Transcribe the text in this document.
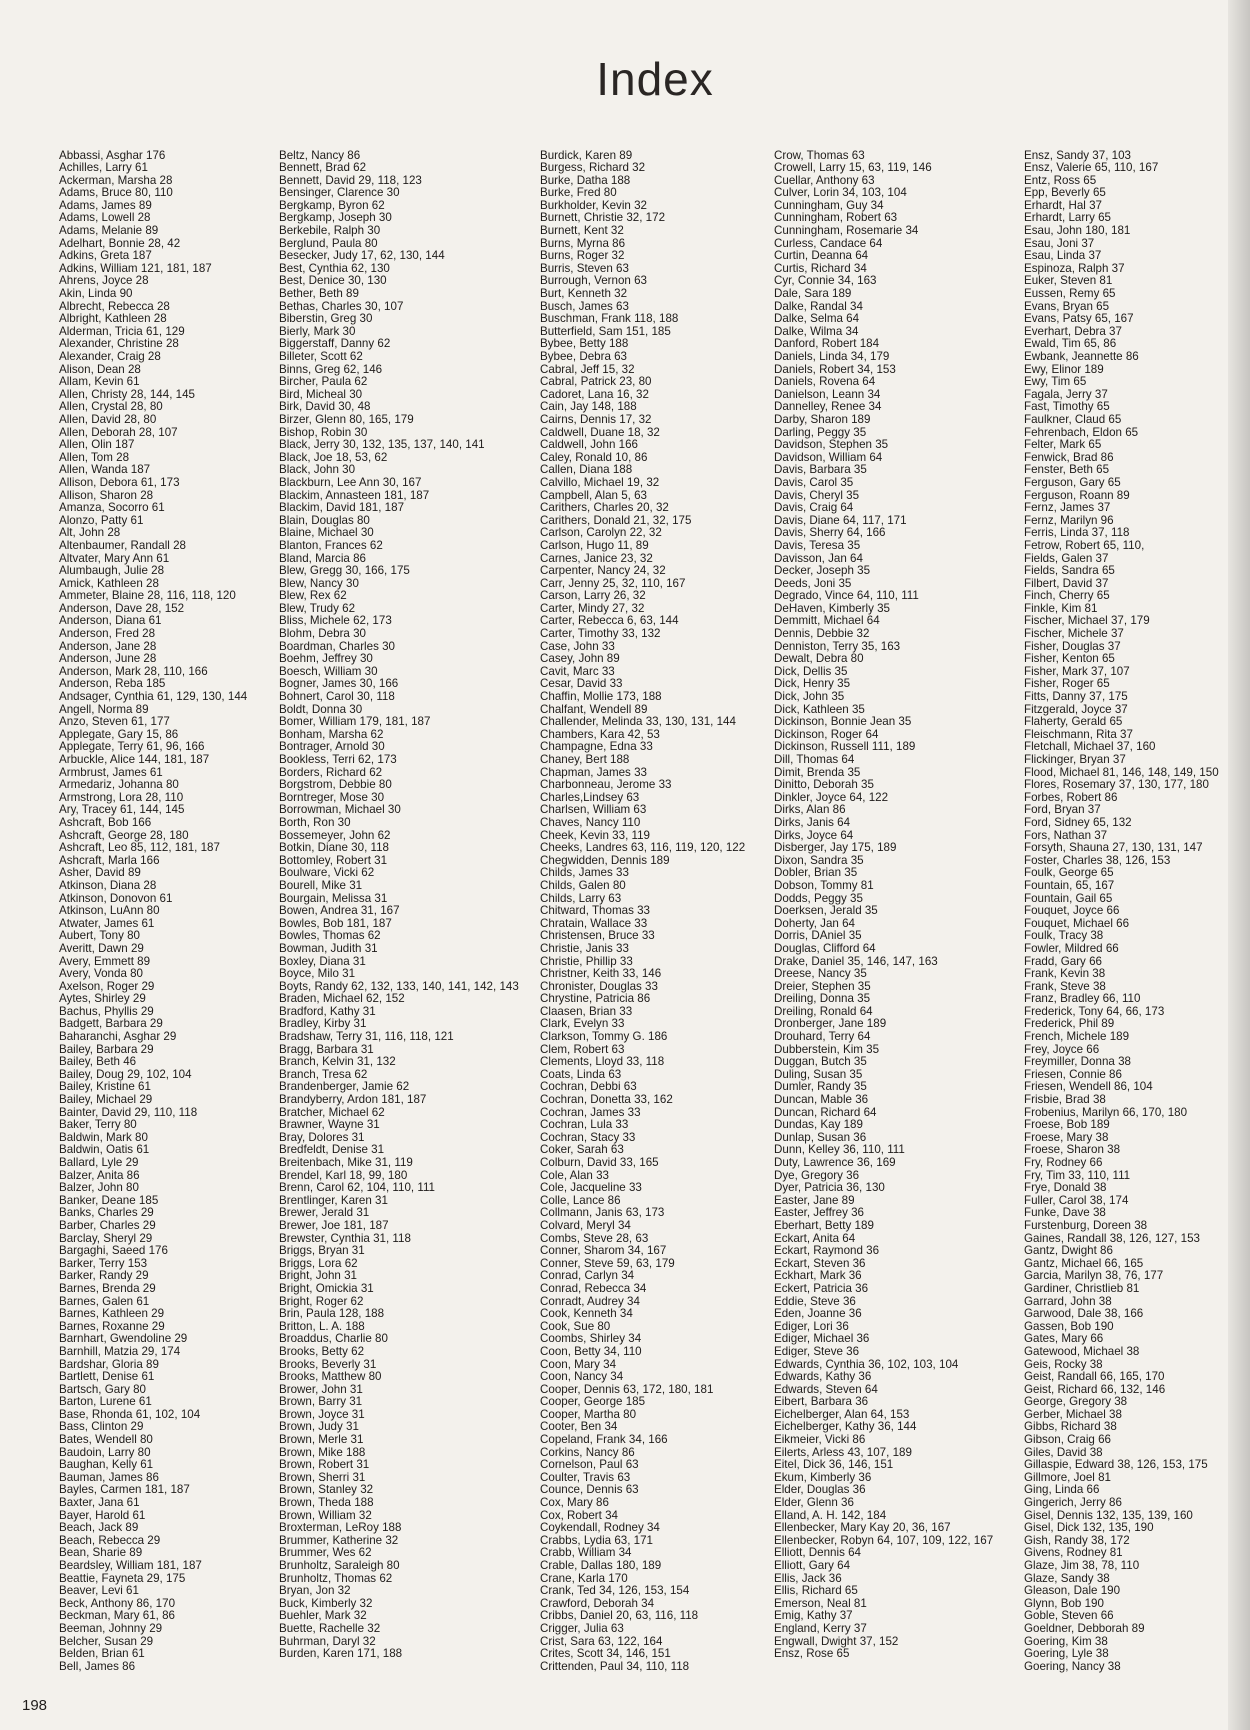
Index
Abbassi, Asghar 176
Achilles, Larry 61
Ackerman, Marsha 28
Adams, Bruce 80, 110
Adams, James 89
Adams, Lowell 28
Adams, Melanie 89
Adelhart, Bonnie 28, 42
Adkins, Greta 187
Adkins, William 121, 181, 187
Ahrens, Joyce 28
Akin, Linda 90
Albrecht, Rebecca 28
Albright, Kathleen 28
Alderman, Tricia 61, 129
Alexander, Christine 28
Alexander, Craig 28
Alison, Dean 28
Allam, Kevin 61
Allen, Christy 28, 144, 145
Allen, Crystal 28, 80
Allen, David 28, 80
Allen, Deborah 28, 107
Allen, Olin 187
Allen, Tom 28
Allen, Wanda 187
Allison, Debora 61, 173
Allison, Sharon 28
Amanza, Socorro 61
Alonzo, Patty 61
Alt, John 28
Altenbaumer, Randall 28
Altvater, Mary Ann 61
Alumbaugh, Julie 28
Amick, Kathleen 28
Ammeter, Blaine 28, 116, 118, 120
Anderson, Dave 28, 152
Anderson, Diana 61
Anderson, Fred 28
Anderson, Jane 28
Anderson, June 28
Anderson, Mark 28, 110, 166
Anderson, Reba 185
Andsager, Cynthia 61, 129, 130, 144
Angell, Norma 89
Anzo, Steven 61, 177
Applegate, Gary 15, 86
Applegate, Terry 61, 96, 166
Arbuckle, Alice 144, 181, 187
Armbrust, James 61
Armedariz, Johanna 80
Armstrong, Lora 28, 110
Ary, Tracey 61, 144, 145
Ashcraft, Bob 166
Ashcraft, George 28, 180
Ashcraft, Leo 85, 112, 181, 187
Ashcraft, Marla 166
Asher, David 89
Atkinson, Diana 28
Atkinson, Donovon 61
Atkinson, LuAnn 80
Atwater, James 61
Aubert, Tony 80
Averitt, Dawn 29
Avery, Emmett 89
Avery, Vonda 80
Axelson, Roger 29
Aytes, Shirley 29
Bachus, Phyllis 29
Badgett, Barbara 29
Baharanchi, Asghar 29
Bailey, Barbara 29
Bailey, Beth 46
Bailey, Doug 29, 102, 104
Bailey, Kristine 61
Bailey, Michael 29
Bainter, David 29, 110, 118
Baker, Terry 80
Baldwin, Mark 80
Baldwin, Oatis 61
Ballard, Lyle 29
Balzer, Anita 86
Balzer, John 80
Banker, Deane 185
Banks, Charles 29
Barber, Charles 29
Barclay, Sheryl 29
Bargaghi, Saeed 176
Barker, Terry 153
Barker, Randy 29
Barnes, Brenda 29
Barnes, Galen 61
Barnes, Kathleen 29
Barnes, Roxanne 29
Barnhart, Gwendoline 29
Barnhill, Matzia 29, 174
Bardshar, Gloria 89
Bartlett, Denise 61
Bartsch, Gary 80
Barton, Lurene 61
Base, Rhonda 61, 102, 104
Bass, Clinton 29
Bates, Wendell 80
Baudoin, Larry 80
Baughan, Kelly 61
Bauman, James 86
Bayles, Carmen 181, 187
Baxter, Jana 61
Bayer, Harold 61
Beach, Jack 89
Beach, Rebecca 29
Bean, Sharie 89
Beardsley, William 181, 187
Beattie, Fayneta 29, 175
Beaver, Levi 61
Beck, Anthony 86, 170
Beckman, Mary 61, 86
Beeman, Johnny 29
Belcher, Susan 29
Belden, Brian 61
Bell, James 86
Beltz, Nancy 86
Bennett, Brad 62
Bennett, David 29, 118, 123
Bensinger, Clarence 30
Bergkamp, Byron 62
Bergkamp, Joseph 30
Berkebile, Ralph 30
Berglund, Paula 80
Besecker, Judy 17, 62, 130, 144
Best, Cynthia 62, 130
Best, Denice 30, 130
Bether, Beth 89
Bethas, Charles 30, 107
Biberstin, Greg 30
Bierly, Mark 30
Biggerstaff, Danny 62
Billeter, Scott 62
Binns, Greg 62, 146
Bircher, Paula 62
Bird, Micheal 30
Birk, David 30, 48
Birzer, Glenn 80, 165, 179
Bishop, Robin 30
Black, Jerry 30, 132, 135, 137, 140, 141
Black, Joe 18, 53, 62
Black, John 30
Blackburn, Lee Ann 30, 167
Blackim, Annasteen 181, 187
Blackim, David 181, 187
Blain, Douglas 80
Blaine, Michael 30
Blanton, Frances 62
Bland, Marcia 86
Blew, Gregg 30, 166, 175
Blew, Nancy 30
Blew, Rex 62
Blew, Trudy 62
Bliss, Michele 62, 173
Blohm, Debra 30
Boardman, Charles 30
Boehm, Jeffrey 30
Boesch, William 30
Bogner, James 30, 166
Bohnert, Carol 30, 118
Boldt, Donna 30
Bomer, William 179, 181, 187
Bonham, Marsha 62
Bontrager, Arnold 30
Bookless, Terri 62, 173
Borders, Richard 62
Borgstrom, Debbie 80
Borntreger, Mose 30
Borrowman, Michael 30
Borth, Ron 30
Bossemeyer, John 62
Botkin, Diane 30, 118
Bottomley, Robert 31
Boulware, Vicki 62
Bourell, Mike 31
Bourgain, Melissa 31
Bowen, Andrea 31, 167
Bowles, Bob 181, 187
Bowles, Thomas 62
Bowman, Judith 31
Boxley, Diana 31
Boyce, Milo 31
Boyts, Randy 62, 132, 133, 140, 141, 142, 143
Braden, Michael 62, 152
Bradford, Kathy 31
Bradley, Kirby 31
Bradshaw, Terry 31, 116, 118, 121
Bragg, Barbara 31
Branch, Kelvin 31, 132
Branch, Tresa 62
Brandenberger, Jamie 62
Brandyberry, Ardon 181, 187
Bratcher, Michael 62
Brawner, Wayne 31
Bray, Dolores 31
Bredfeldt, Denise 31
Breitenbach, Mike 31, 119
Brendel, Karl 18, 99, 180
Brenn, Carol 62, 104, 110, 111
Brentlinger, Karen 31
Brewer, Jerald 31
Brewer, Joe 181, 187
Brewster, Cynthia 31, 118
Briggs, Bryan 31
Briggs, Lora 62
Bright, John 31
Bright, Omickia 31
Bright, Roger 62
Brin, Paula 128, 188
Britton, L. A. 188
Broaddus, Charlie 80
Brooks, Betty 62
Brooks, Beverly 31
Brooks, Matthew 80
Brower, John 31
Brown, Barry 31
Brown, Joyce 31
Brown, Judy 31
Brown, Merle 31
Brown, Mike 188
Brown, Robert 31
Brown, Sherri 31
Brown, Stanley 32
Brown, Theda 188
Brown, William 32
Broxterman, LeRoy 188
Brummer, Katherine 32
Brummer, Wes 62
Brunholtz, Saraleigh 80
Brunholtz, Thomas 62
Bryan, Jon 32
Buck, Kimberly 32
Buehler, Mark 32
Buette, Rachelle 32
Buhrman, Daryl 32
Burden, Karen 171, 188
Burdick, Karen 89
Burgess, Richard 32
Burke, Datha 188
Burke, Fred 80
Burkholder, Kevin 32
Burnett, Christie 32, 172
Burnett, Kent 32
Burns, Myrna 86
Burns, Roger 32
Burris, Steven 63
Burrough, Vernon 63
Burt, Kenneth 32
Busch, James 63
Buschman, Frank 118, 188
Butterfield, Sam 151, 185
Bybee, Betty 188
Bybee, Debra 63
Cabral, Jeff 15, 32
Cabral, Patrick 23, 80
Cadoret, Lana 16, 32
Cain, Jay 148, 188
Cairns, Dennis 17, 32
Caldwell, Duane 18, 32
Caldwell, John 166
Caley, Ronald 10, 86
Callen, Diana 188
Calvillo, Michael 19, 32
Campbell, Alan 5, 63
Carithers, Charles 20, 32
Carithers, Donald 21, 32, 175
Carlson, Carolyn 22, 32
Carlson, Hugo 11, 89
Carnes, Janice 23, 32
Carpenter, Nancy 24, 32
Carr, Jenny 25, 32, 110, 167
Carson, Larry 26, 32
Carter, Mindy 27, 32
Carter, Rebecca 6, 63, 144
Carter, Timothy 33, 132
Case, John 33
Casey, John 89
Cavit, Marc 33
Cesar, David 33
Chaffin, Mollie 173, 188
Chalfant, Wendell 89
Challender, Melinda 33, 130, 131, 144
Chambers, Kara 42, 53
Champagne, Edna 33
Chaney, Bert 188
Chapman, James 33
Charbonneau, Jerome 33
Charles,Lindsey 63
Charlsen, William 63
Chaves, Nancy 110
Cheek, Kevin 33, 119
Cheeks, Landres 63, 116, 119, 120, 122
Chegwidden, Dennis 189
Childs, James 33
Childs, Galen 80
Childs, Larry 63
Chitward, Thomas 33
Chratain, Wallace 33
Christensen, Bruce 33
Christie, Janis 33
Christie, Phillip 33
Christner, Keith 33, 146
Chronister, Douglas 33
Chrystine, Patricia 86
Claasen, Brian 33
Clark, Evelyn 33
Clarkson, Tommy G. 186
Clem, Robert 63
Clements, Lloyd 33, 118
Coats, Linda 63
Cochran, Debbi 63
Cochran, Donetta 33, 162
Cochran, James 33
Cochran, Lula 33
Cochran, Stacy 33
Coker, Sarah 63
Colburn, David 33, 165
Cole, Alan 33
Cole, Jacqueline 33
Colle, Lance 86
Collmann, Janis 63, 173
Colvard, Meryl 34
Combs, Steve 28, 63
Conner, Sharom 34, 167
Conner, Steve 59, 63, 179
Conrad, Carlyn 34
Conrad, Rebecca 34
Conradt, Audrey 34
Cook, Kenneth 34
Cook, Sue 80
Coombs, Shirley 34
Coon, Betty 34, 110
Coon, Mary 34
Coon, Nancy 34
Cooper, Dennis 63, 172, 180, 181
Cooper, George 185
Cooper, Martha 80
Cooter, Ben 34
Copeland, Frank 34, 166
Corkins, Nancy 86
Cornelson, Paul 63
Coulter, Travis 63
Counce, Dennis 63
Cox, Mary 86
Cox, Robert 34
Coykendall, Rodney 34
Crabbs, Lydia 63, 171
Crabb, William 34
Crable, Dallas 180, 189
Crane, Karla 170
Crank, Ted 34, 126, 153, 154
Crawford, Deborah 34
Cribbs, Daniel 20, 63, 116, 118
Crigger, Julia 63
Crist, Sara 63, 122, 164
Crites, Scott 34, 146, 151
Crittenden, Paul 34, 110, 118
Crow, Thomas 63
Crowell, Larry 15, 63, 119, 146
Cuellar, Anthony 63
Culver, Lorin 34, 103, 104
Cunningham, Guy 34
Cunningham, Robert 63
Cunningham, Rosemarie 34
Curless, Candace 64
Curtin, Deanna 64
Curtis, Richard 34
Cyr, Connie 34, 163
Dale, Sara 189
Dalke, Randal 34
Dalke, Selma 64
Dalke, Wilma 34
Danford, Robert 184
Daniels, Linda 34, 179
Daniels, Robert 34, 153
Daniels, Rovena 64
Danielson, Leann 34
Dannelley, Renee 34
Darby, Sharon 189
Darling, Peggy 35
Davidson, Stephen 35
Davidson, William 64
Davis, Barbara 35
Davis, Carol 35
Davis, Cheryl 35
Davis, Craig 64
Davis, Diane 64, 117, 171
Davis, Sherry 64, 166
Davis, Teresa 35
Davisson, Jan 64
Decker, Joseph 35
Deeds, Joni 35
Degrado, Vince 64, 110, 111
DeHaven, Kimberly 35
Demmitt, Michael 64
Dennis, Debbie 32
Denniston, Terry 35, 163
Dewalt, Debra 80
Dick, Dellis 35
Dick, Henry 35
Dick, John 35
Dick, Kathleen 35
Dickinson, Bonnie Jean 35
Dickinson, Roger 64
Dickinson, Russell 111, 189
Dill, Thomas 64
Dimit, Brenda 35
Dinitto, Deborah 35
Dinkler, Joyce 64, 122
Dirks, Alan 86
Dirks, Janis 64
Dirks, Joyce 64
Disberger, Jay 175, 189
Dixon, Sandra 35
Dobler, Brian 35
Dobson, Tommy 81
Dodds, Peggy 35
Doerksen, Jerald 35
Doherty, Jan 64
Dorris, DAniel 35
Douglas, Clifford 64
Drake, Daniel 35, 146, 147, 163
Dreese, Nancy 35
Dreier, Stephen 35
Dreiling, Donna 35
Dreiling, Ronald 64
Dronberger, Jane 189
Drouhard, Terry 64
Dubberstein, Kim 35
Duggan, Butch 35
Duling, Susan 35
Dumler, Randy 35
Duncan, Mable 36
Duncan, Richard 64
Dundas, Kay 189
Dunlap, Susan 36
Dunn, Kelley 36, 110, 111
Duty, Lawrence 36, 169
Dye, Gregory 36
Dyer, Patricia 36, 130
Easter, Jane 89
Easter, Jeffrey 36
Eberhart, Betty 189
Eckart, Anita 64
Eckart, Raymond 36
Eckart, Steven 36
Eckhart, Mark 36
Eckert, Patricia 36
Eddie, Steve 36
Eden, Joanne 36
Ediger, Lori 36
Ediger, Michael 36
Ediger, Steve 36
Edwards, Cynthia 36, 102, 103, 104
Edwards, Kathy 36
Edwards, Steven 64
Eibert, Barbara 36
Eichelberger, Alan 64, 153
Eichelberger, Kathy 36, 144
Eikmeier, Vicki 86
Eilerts, Arless 43, 107, 189
Eitel, Dick 36, 146, 151
Ekum, Kimberly 36
Elder, Douglas 36
Elder, Glenn 36
Elland, A. H. 142, 184
Ellenbecker, Mary Kay 20, 36, 167
Ellenbecker, Robyn 64, 107, 109, 122, 167
Elliott, Dennis 64
Elliott, Gary 64
Ellis, Jack 36
Ellis, Richard 65
Emerson, Neal 81
Emig, Kathy 37
England, Kerry 37
Engwall, Dwight 37, 152
Ensz, Rose 65
Ensz, Sandy 37, 103
Ensz, Valerie 65, 110, 167
Entz, Ross 65
Epp, Beverly 65
Erhardt, Hal 37
Erhardt, Larry 65
Esau, John 180, 181
Esau, Joni 37
Esau, Linda 37
Espinoza, Ralph 37
Euker, Steven 81
Eussen, Remy 65
Evans, Bryan 65
Evans, Patsy 65, 167
Everhart, Debra 37
Ewald, Tim 65, 86
Ewbank, Jeannette 86
Ewy, Elinor 189
Ewy, Tim 65
Fagala, Jerry 37
Fast, Timothy 65
Faulkner, Claud 65
Fehrenbach, Eldon 65
Felter, Mark 65
Fenwick, Brad 86
Fenster, Beth 65
Ferguson, Gary 65
Ferguson, Roann 89
Fernz, James 37
Fernz, Marilyn 96
Ferris, Linda 37, 118
Fetrow, Robert 65, 110,
Fields, Galen 37
Fields, Sandra 65
Filbert, David 37
Finch, Cherry 65
Finkle, Kim 81
Fischer, Michael 37, 179
Fischer, Michele 37
Fisher, Douglas 37
Fisher, Kenton 65
Fisher, Mark 37, 107
Fisher, Roger 65
Fitts, Danny 37, 175
Fitzgerald, Joyce 37
Flaherty, Gerald 65
Fleischmann, Rita 37
Fletchall, Michael 37, 160
Flickinger, Bryan 37
Flood, Michael 81, 146, 148, 149, 150
Flores, Rosemary 37, 130, 177, 180
Forbes, Robert 86
Ford, Bryan 37
Ford, Sidney 65, 132
Fors, Nathan 37
Forsyth, Shauna 27, 130, 131, 147
Foster, Charles 38, 126, 153
Foulk, George 65
Fountain, 65, 167
Fountain, Gail 65
Fouquet, Joyce 66
Fouquet, Michael 66
Foulk, Tracy 38
Fowler, Mildred 66
Fradd, Gary 66
Frank, Kevin 38
Frank, Steve 38
Franz, Bradley 66, 110
Frederick, Tony 64, 66, 173
Frederick, Phil 89
French, Michele 189
Frey, Joyce 66
Freymiller, Donna 38
Friesen, Connie 86
Friesen, Wendell 86, 104
Frisbie, Brad 38
Frobenius, Marilyn 66, 170, 180
Froese, Bob 189
Froese, Mary 38
Froese, Sharon 38
Fry, Rodney 66
Fry, Tim 33, 110, 111
Frye, Donald 38
Fuller, Carol 38, 174
Funke, Dave 38
Furstenburg, Doreen 38
Gaines, Randall 38, 126, 127, 153
Gantz, Dwight 86
Gantz, Michael 66, 165
Garcia, Marilyn 38, 76, 177
Gardiner, Christlieb 81
Garrard, John 38
Garwood, Dale 38, 166
Gassen, Bob 190
Gates, Mary 66
Gatewood, Michael 38
Geis, Rocky 38
Geist, Randall 66, 165, 170
Geist, Richard 66, 132, 146
George, Gregory 38
Gerber, Michael 38
Gibbs, Richard 38
Gibson, Craig 66
Giles, David 38
Gillaspie, Edward 38, 126, 153, 175
Gillmore, Joel 81
Ging, Linda 66
Gingerich, Jerry 86
Gisel, Dennis 132, 135, 139, 160
Gisel, Dick 132, 135, 190
Gish, Randy 38, 172
Givens, Rodney 81
Glaze, Jim 38, 78, 110
Glaze, Sandy 38
Gleason, Dale 190
Glynn, Bob 190
Goble, Steven 66
Goeldner, Debborah 89
Goering, Kim 38
Goering, Lyle 38
Goering, Nancy 38
198
